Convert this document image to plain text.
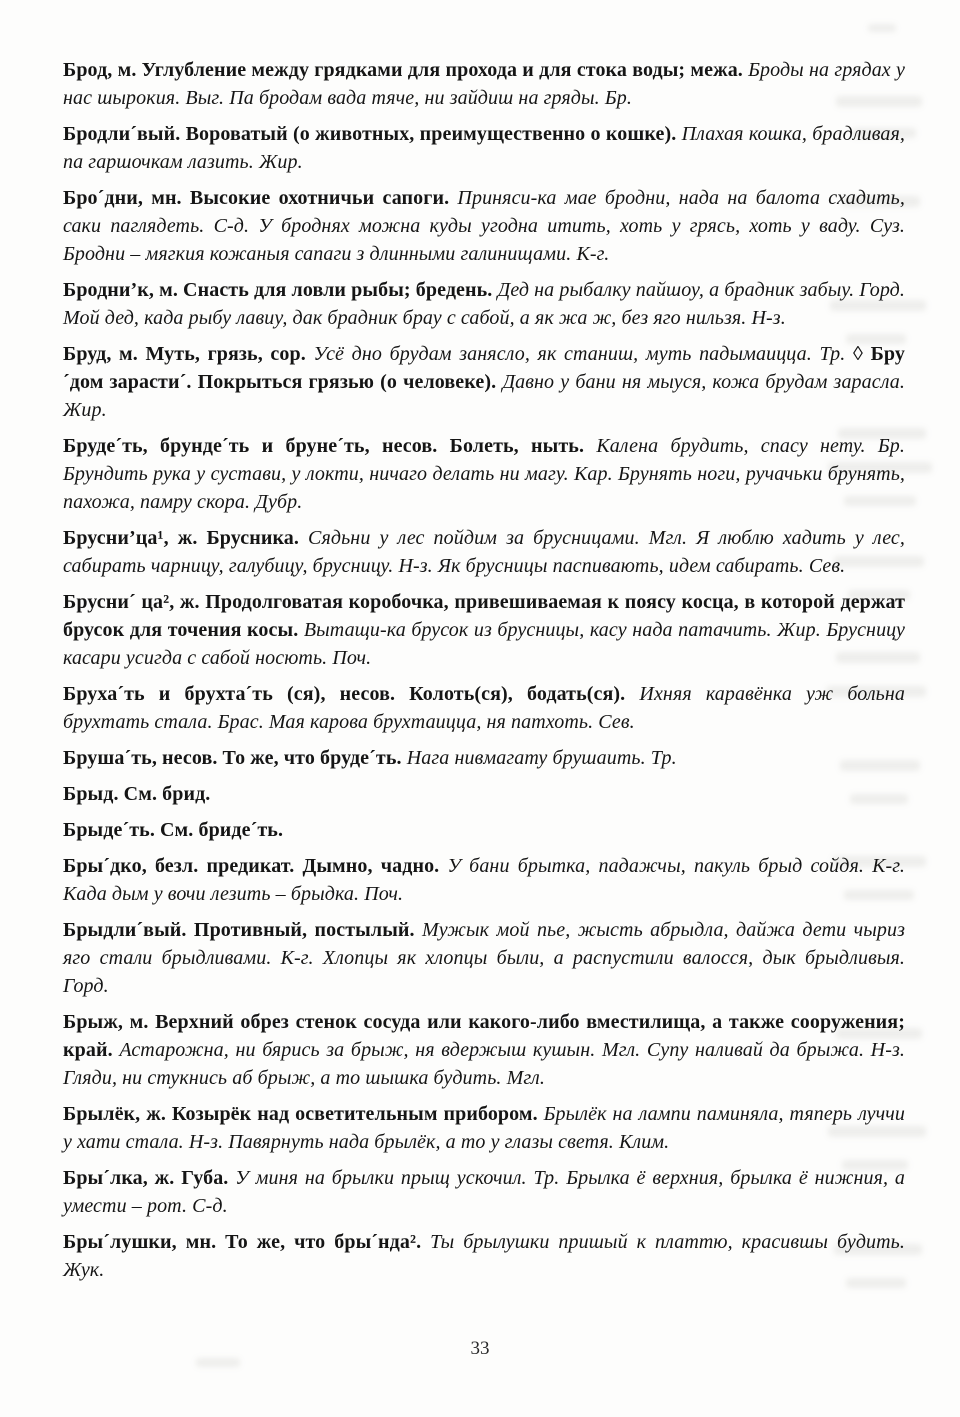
Брод, м. Углубление между грядками для прохода и для стока воды; межа. Броды на грядах у нас шырокия. Выг. Па бродам вада тяче, ни зайдиш на гряды. Бр.

Бродли´вый. Вороватый (о животных, преимущественно о кошке). Плахая кошка, брадливая, па гаршочкам лазить. Жир.

Бро´дни, мн. Высокие охотничьи сапоги. Приняси-ка мае бродни, нада на балота схадить, саки паглядеть. С-д. У броднях можна куды угодна итить, хоть у грясь, хоть у ваду. Суз. Бродни – мягкия кожаныя сапаги з длинными галинищами. К-г.

Бродни’к, м. Снасть для ловли рыбы; бредень. Дед на рыбалку пайшоу, а брадник забыу. Горд. Мой дед, када рыбу лавиу, дак брадник брау с сабой, а як жа ж, без яго нильзя. Н-з.

Бруд, м. Муть, грязь, сор. Усё дно брудам занясло, як станиш, муть падымаицца. Тр. ◊ Бру´дом зарасти´. Покрыться грязью (о человеке). Давно у бани ня мыуся, кожа брудам зарасла. Жир.

Бруде´ть, брунде´ть и бруне´ть, несов. Болеть, ныть. Калена брудить, спасу нету. Бр. Брундить рука у сустави, у локти, ничаго делать ни магу. Кар. Брунять ноги, ручачьки брунять, пахожа, памру скора. Дубр.

Брусни’ца¹, ж. Брусника. Сядьни у лес пойдим за брусницами. Мгл. Я люблю хадить у лес, сабирать чарницу, галубицу, брусницу. Н-з. Як брусницы паспивають, идем сабирать. Сев.

Брусни´ ца², ж. Продолговатая коробочка, привешиваемая к поясу косца, в которой держат брусок для точения косы. Вытащи-ка брусок из брусницы, касу нада патачить. Жир. Брусницу касари усигда с сабой носють. Поч.

Бруха´ть и брухта´ть (ся), несов. Колоть(ся), бодать(ся). Ихняя каравёнка уж больна брухтать стала. Брас. Мая карова брухтаицца, ня патхоть. Сев.

Бруша´ть, несов. То же, что бруде´ть. Нага нивмагату брушаить. Тр.

Брыд. См. брид.

Брыде´ть. См. бриде´ть.

Бры´дко, безл. предикат. Дымно, чадно. У бани брытка, падажчы, пакуль брыд сойдя. К-г. Када дым у вочи лезить – брыдка. Поч.

Брыдли´вый. Противный, постылый. Мужык мой пье, жысть абрыдла, дайжа дети чыриз яго стали брыдливами. К-г. Хлопцы як хлопцы были, а распустили валосся, дык брыдливыя. Горд.

Брыж, м. Верхний обрез стенок сосуда или какого-либо вместилища, а также сооружения; край. Астарожна, ни бярись за брыж, ня вдержыш кушын. Мгл. Супу наливай да брыжа. Н-з. Гляди, ни стукнись аб брыж, а то шышка будить. Мгл.

Брылёк, ж. Козырёк над осветительным прибором. Брылёк на лампи паминяла, тяперь луччи у хати стала. Н-з. Павярнуть нада брылёк, а то у глазы светя. Клим.

Бры´лка, ж. Губа. У миня на брылки прыщ ускочил. Тр. Брылка ё верхния, брылка ё нижния, а умести – рот. С-д.

Бры´лушки, мн. То же, что бры´нда². Ты брылушки пришый к платтю, красившы будить. Жук.

33
